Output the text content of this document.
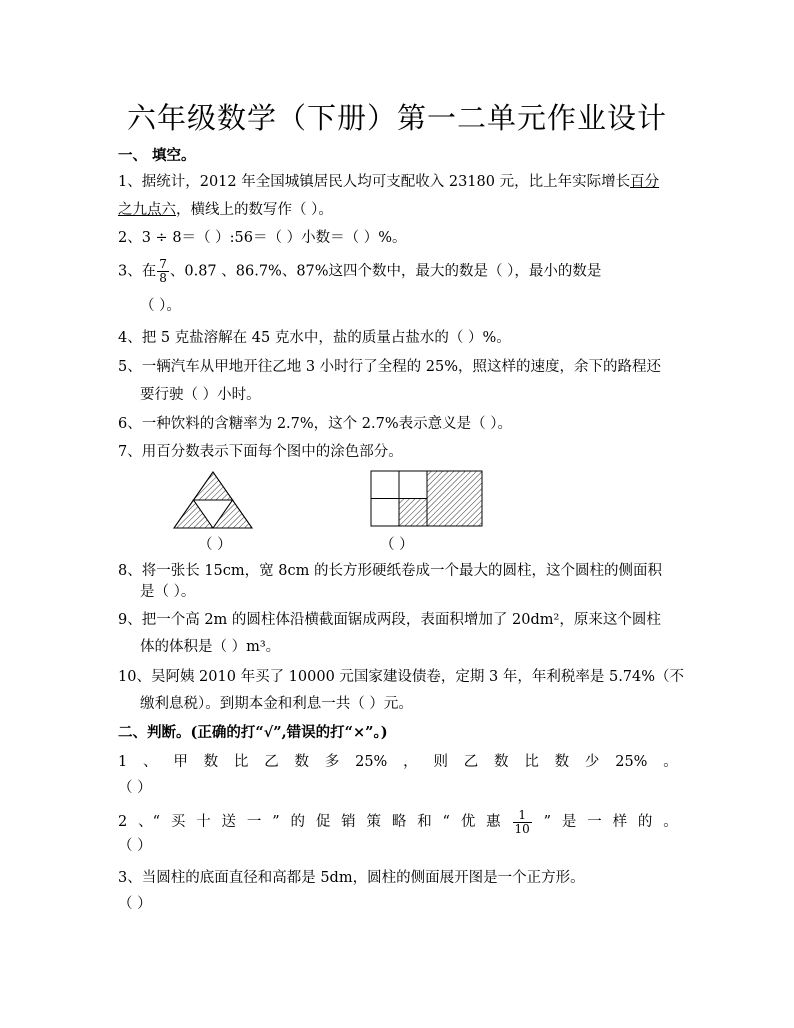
六年级数学（下册）第一二单元作业设计
一、 填空。
1、据统计，2012 年全国城镇居民人均可支配收入 23180 元，比上年实际增长百分
之九点六，横线上的数写作（ ）。
2、3 ÷ 8＝（ ）:56＝（ ）小数＝（ ）%。
3、在 $\frac{7}{8}$ 、0.87 、86.7%、87%这四个数中，最大的数是（ ），最小的数是
（ ）。
4、把 5 克盐溶解在 45 克水中，盐的质量占盐水的（ ）%。
5、一辆汽车从甲地开往乙地 3 小时行了全程的 25%，照这样的速度，余下的路程还
要行驶（ ）小时。
6、一种饮料的含糖率为 2.7%，这个 2.7%表示意义是（ ）。
7、用百分数表示下面每个图中的涂色部分。
（ ）	（ ）
8、将一张长 15cm，宽 8cm 的长方形硬纸卷成一个最大的圆柱，这个圆柱的侧面积
是（ ）。
9、把一个高 2m 的圆柱体沿横截面锯成两段，表面积增加了 20dm²，原来这个圆柱
体的体积是（ ）m³。
10、吴阿姨 2010 年买了 10000 元国家建设债卷，定期 3 年，年利税率是 5.74%（不
缴利息税）。到期本金和利息一共（ ）元。
二、判断。(正确的打“√”,错误的打“×”。)
1 、 甲 数 比 乙 数 多 25% ， 则 乙 数 比 数 少 25% 。
（ ）
2 、“ 买 十 送 一 ” 的 促 销 策 略 和 “ 优 惠 $\frac{1}{10}$ ” 是 一 样 的 。
（ ）
3、当圆柱的底面直径和高都是 5dm，圆柱的侧面展开图是一个正方形。
（ ）
